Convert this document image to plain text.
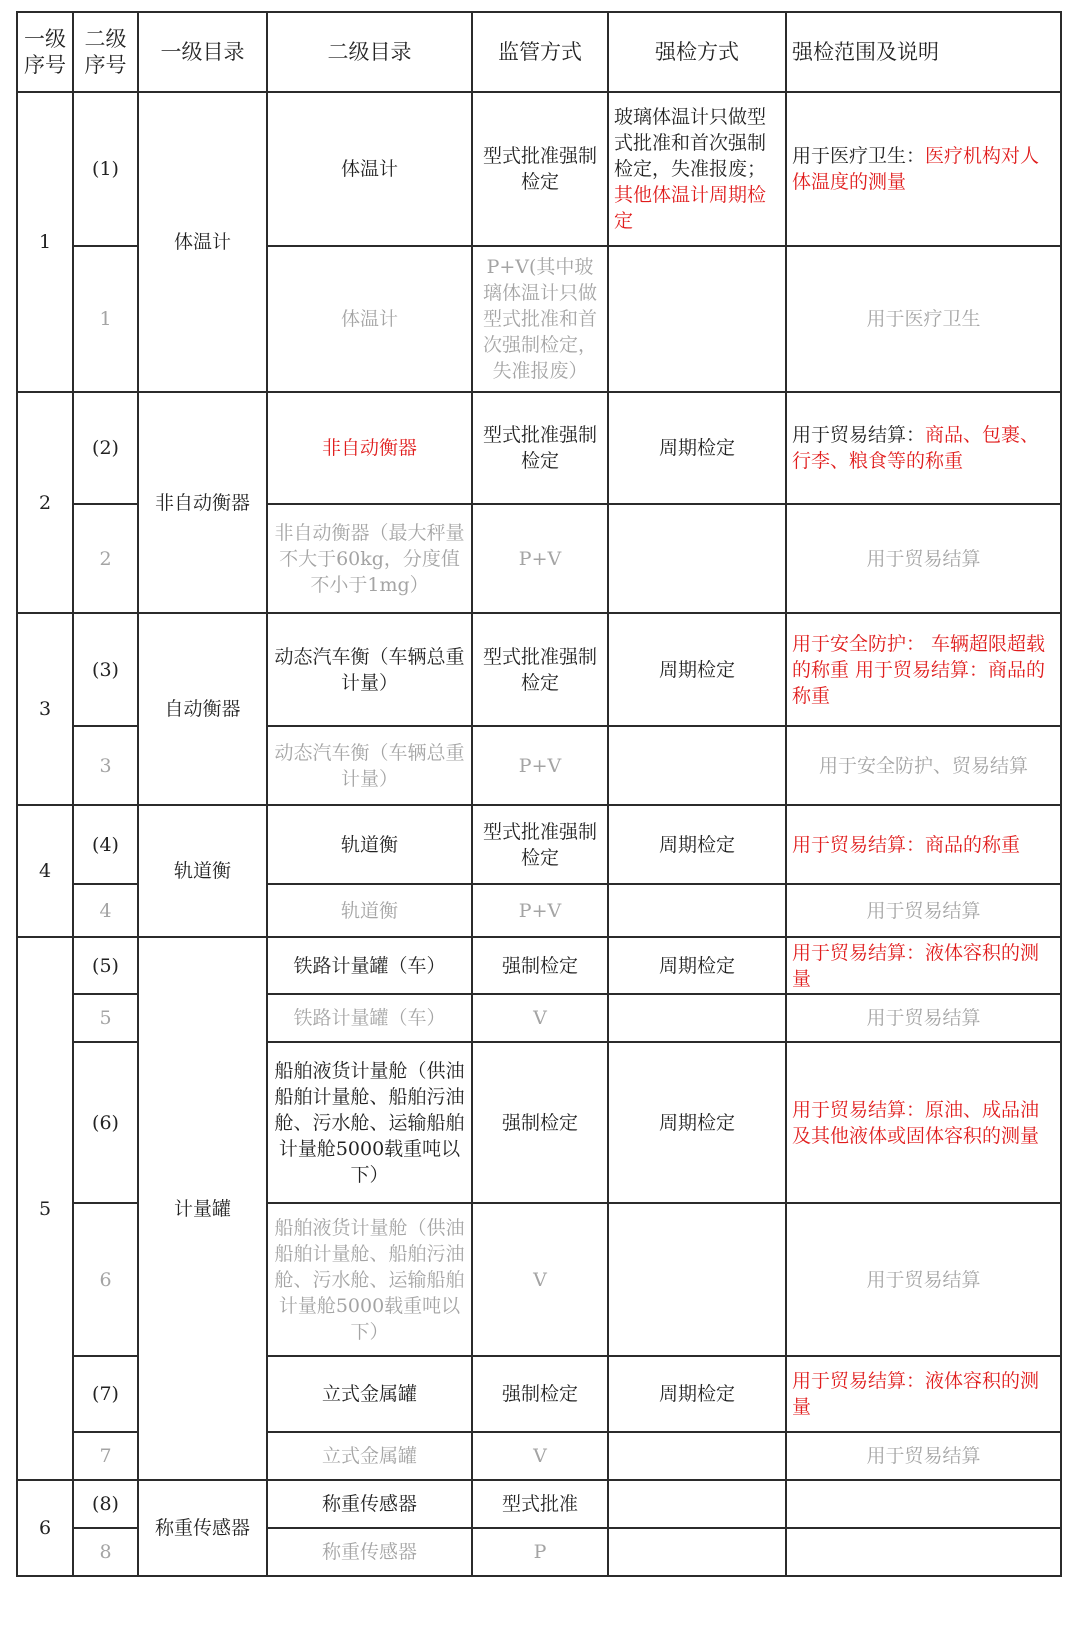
一级
序号	二级
序号	一级目录	二级目录	监管方式	强检方式	强检范围及说明
1	(1)	体温计	体温计	型式批准强制检定	玻璃体温计只做型式批准和首次强制检定，失准报废；其他体温计周期检定	用于医疗卫生：医疗机构对人体温度的测量
	1		体温计	P+V(其中玻璃体温计只做型式批准和首次强制检定，失准报废）		用于医疗卫生
2	(2)	非自动衡器	非自动衡器	型式批准强制检定	周期检定	用于贸易结算：商品、包裹、行李、粮食等的称重
	2		非自动衡器（最大秤量不大于60kg，分度值不小于1mg）	P+V		用于贸易结算
3	(3)	自动衡器	动态汽车衡（车辆总重计量）	型式批准强制检定	周期检定	用于安全防护： 车辆超限超载的称重 用于贸易结算：商品的称重
	3		动态汽车衡（车辆总重计量）	P+V		用于安全防护、贸易结算
4	(4)	轨道衡	轨道衡	型式批准强制检定	周期检定	用于贸易结算：商品的称重
	4		轨道衡	P+V		用于贸易结算
5	(5)	计量罐	铁路计量罐（车）	强制检定	周期检定	用于贸易结算：液体容积的测量
	5		铁路计量罐（车）	V		用于贸易结算
	(6)		船舶液货计量舱（供油船舶计量舱、船舶污油舱、污水舱、运输船舶计量舱5000载重吨以下）	强制检定	周期检定	用于贸易结算：原油、成品油及其他液体或固体容积的测量
	6		船舶液货计量舱（供油船舶计量舱、船舶污油舱、污水舱、运输船舶计量舱5000载重吨以下）	V		用于贸易结算
	(7)		立式金属罐	强制检定	周期检定	用于贸易结算：液体容积的测量
	7		立式金属罐	V		用于贸易结算
6	(8)	称重传感器	称重传感器	型式批准		
	8		称重传感器	P		
